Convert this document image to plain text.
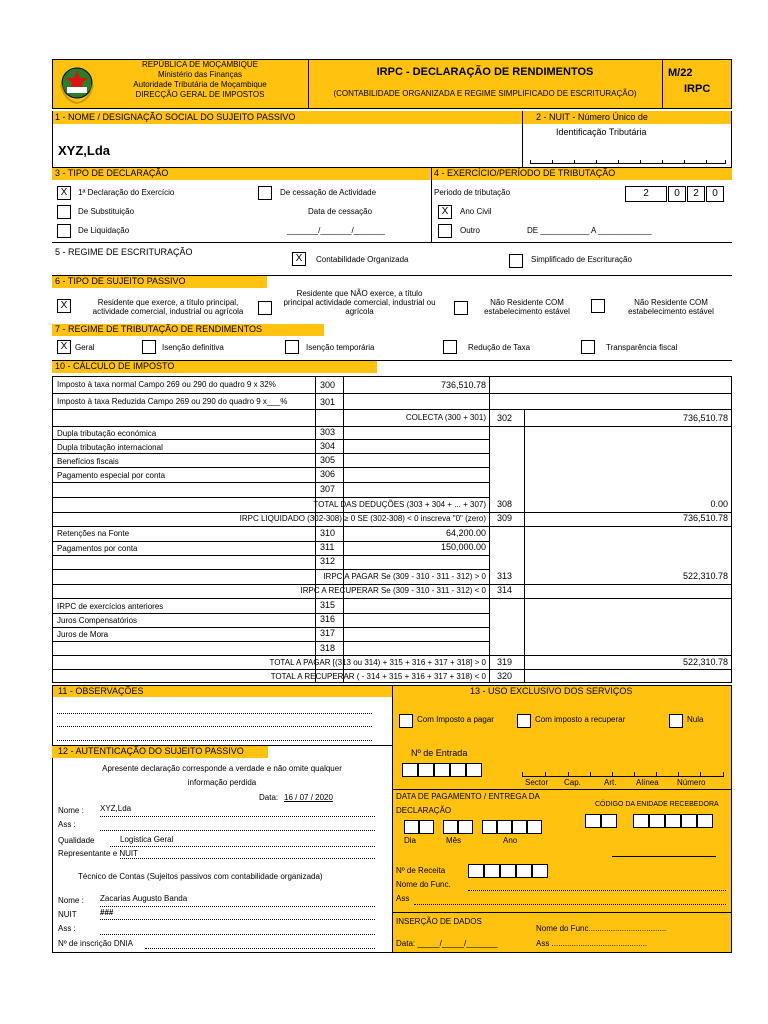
REPÚBLICA DE MOÇAMBIQUE
Ministério das Finanças
Autoridade Tributária de Moçambique
DIRECÇÃO GERAL DE IMPOSTOS
IRPC - DECLARAÇÃO DE RENDIMENTOS
(CONTABILIDADE ORGANIZADA E REGIME SIMPLIFICADO DE ESCRITURAÇÃO)
M/22
IRPC
1 - NOME / DESIGNAÇÃO SOCIAL DO SUJEITO PASSIVO	2 - NUIT - Número Único de
Identificação Tributária
XYZ,Lda
3 - TIPO DE DECLARAÇÃO	4 - EXERCÍCIO/PERÍODO DE TRIBUTAÇÃO
X	1ª Declaração do Exercício
De Substituição
De Liquidação
De cessação de Actividade
Data de cessação
_______/_______/_______
Periodo de tributação	2	0	2	0
X	Ano Civil
Outro	DE ___________ A ____________
5 - REGIME DE ESCRITURAÇÃO
X	Contabilidade Organizada	Simplificado de Escrituração
6 - TIPO DE SUJEITO PASSIVO
X	Residente que exerce, a título principal,
actividade comercial, industrial ou agrícola
Residente que NÃO exerce, a título
principal actividade comercial, industrial ou
agrícola
Não Residente COM
estabelecimento estável
Não Residente COM
estabelecimento estável
7 - REGIME DE TRIBUTAÇÃO DE RENDIMENTOS
X Geral	Isenção definitiva	Isenção temporária	Redução de Taxa	Transparência fiscal
10 - CÁLCULO DE IMPOSTO
Imposto à taxa normal Campo 269 ou 290 do quadro 9 x 32%	300	736,510.78
Imposto à taxa Reduzida Campo 269 ou 290 do quadro 9 x___%	301
COLECTA (300 + 301) 302	736,510.78
Dupla tributação económica	303
Dupla tributação internacional	304
Benefícios fiscais	305
Pagamento especial por conta	306
307
TOTAL DAS DEDUÇÕES (303 + 304 + ... + 307) 308	0.00
IRPC LIQUIDADO (302-308) ≥ 0 SE (302-308) < 0 inscreva "0" (zero) 309	736,510.78
Retenções na Fonte	310	64,200.00
Pagamentos por conta	311	150,000.00
312
IRPC A PAGAR Se (309 - 310 - 311 - 312) > 0 313	522,310.78
IRPC A RECUPERAR Se (309 - 310 - 311 - 312) < 0 314
IRPC de exercícios anteriores	315
Juros Compensatórios	316
Juros de Mora	317
318
TOTAL A PAGAR [(313 ou 314) + 315 + 316 + 317 + 318] > 0 319	522,310.78
TOTAL A RECUPERAR ( - 314 + 315 + 316 + 317 + 318) < 0 320
11 - OBSERVAÇÕES	13 - USO EXCLUSIVO DOS SERVIÇOS
Com Imposto a pagar	Com imposto a recuperar	Nula
12 - AUTENTICAÇÃO DO SUJEITO PASSIVO
Apresente declaração corresponde a verdade e não omite qualquer
informação perdida
Data: 16 / 07 / 2020
Nome : XYZ,Lda
Ass :
Qualidade	Logistica Geral
Representante e NUIT
Técnico de Contas (Sujeitos passivos com contabilidade organizada)
Nome : Zacarias Augusto Banda
NUIT	###
Ass :
Nº de inscrição DNIA
Nº de Entrada
Sector Cap.	Art. Alínea Número
DATA DE PAGAMENTO / ENTREGA DA
DECLARAÇÃO
CÓDIGO DA ENIDADE RECEBEDORA
Dia	Mês	Ano
Nº de Receita
Nome do Func.
Ass
INSERÇÃO DE DADOS
Nome do Func...................................
Data: _____/_____/_______	Ass ...........................................
